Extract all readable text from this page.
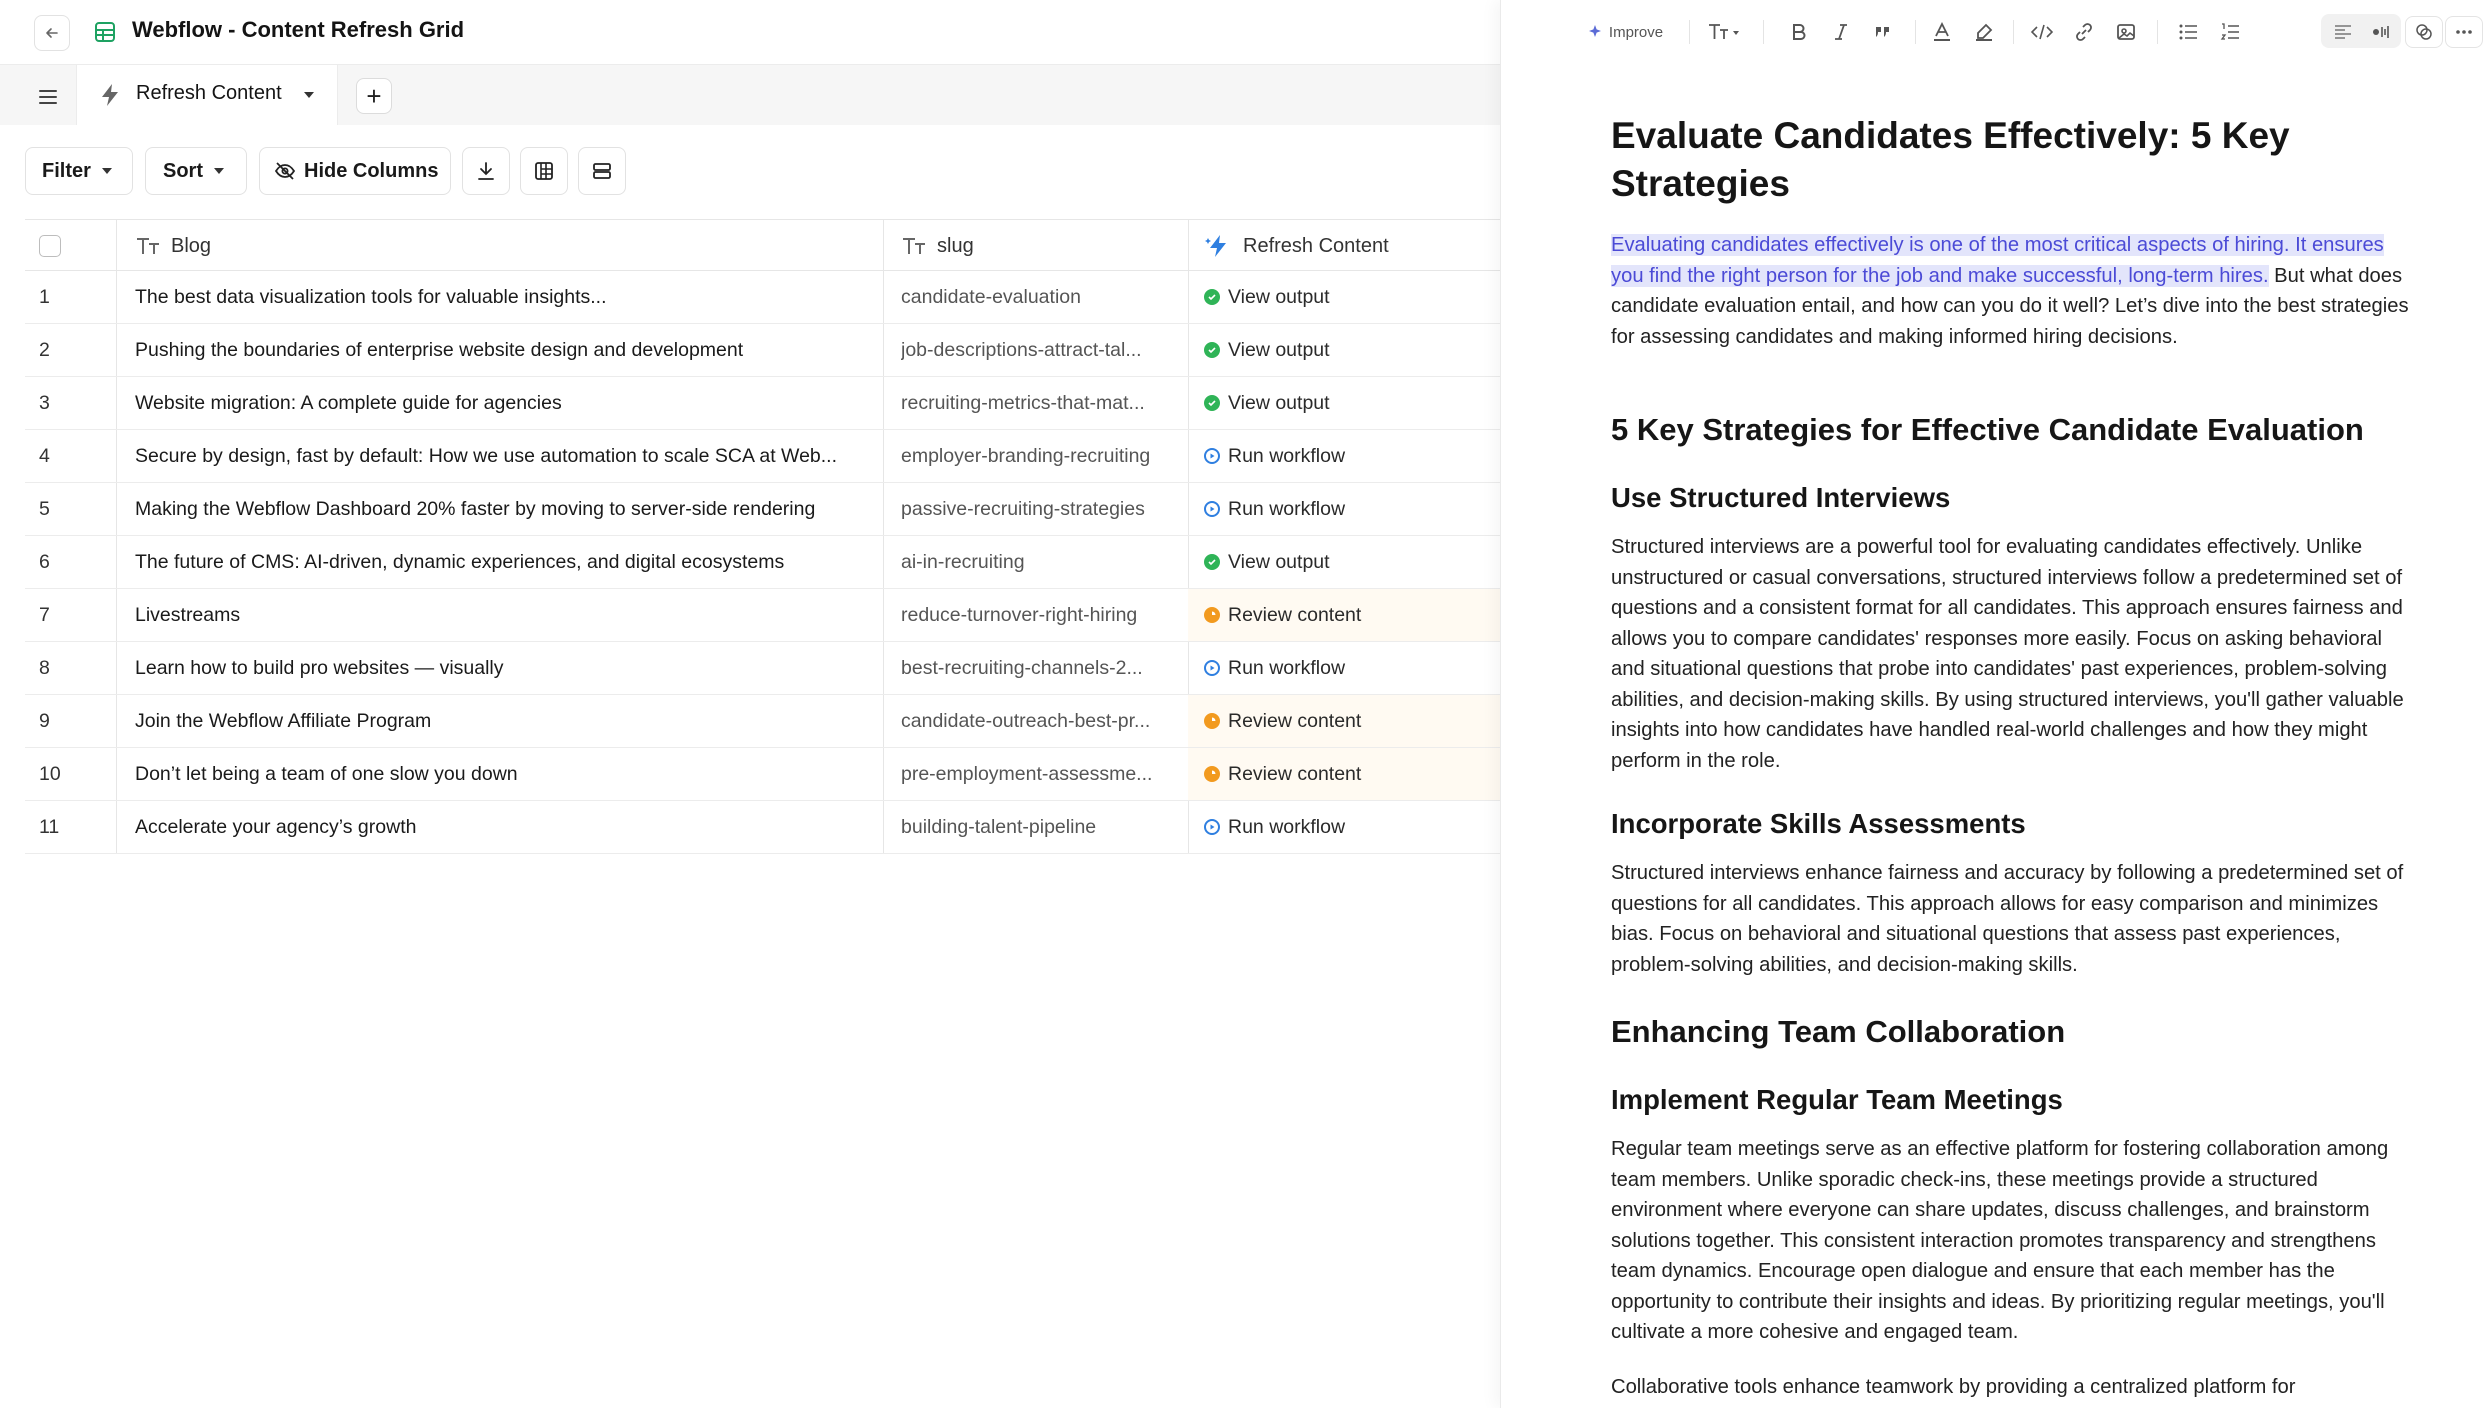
Webflow - Content Refresh Grid
Refresh Content	+
Filter	Sort	Hide Columns
Blog	slug	Refresh Content
1	The best data visualization tools for valuable insights...	candidate-evaluation	View output
2	Pushing the boundaries of enterprise website design and development	job-descriptions-attract-tal...	View output
3	Website migration: A complete guide for agencies	recruiting-metrics-that-mat...	View output
4	Secure by design, fast by default: How we use automation to scale SCA at Web...	employer-branding-recruiting	Run workflow
5	Making the Webflow Dashboard 20% faster by moving to server-side rendering	passive-recruiting-strategies	Run workflow
6	The future of CMS: AI-driven, dynamic experiences, and digital ecosystems	ai-in-recruiting	View output
7	Livestreams	reduce-turnover-right-hiring	Review content
8	Learn how to build pro websites — visually	best-recruiting-channels-2...	Run workflow
9	Join the Webflow Affiliate Program	candidate-outreach-best-pr...	Review content
10	Don’t let being a team of one slow you down	pre-employment-assessme...	Review content
11	Accelerate your agency’s growth	building-talent-pipeline	Run workflow
Improve
Evaluate Candidates Effectively: 5 Key Strategies

Evaluating candidates effectively is one of the most critical aspects of hiring. It ensures you find the right person for the job and make successful, long-term hires. But what does candidate evaluation entail, and how can you do it well? Let’s dive into the best strategies for assessing candidates and making informed hiring decisions.

5 Key Strategies for Effective Candidate Evaluation
Use Structured Interviews

Structured interviews are a powerful tool for evaluating candidates effectively. Unlike unstructured or casual conversations, structured interviews follow a predetermined set of questions and a consistent format for all candidates. This approach ensures fairness and allows you to compare candidates' responses more easily. Focus on asking behavioral and situational questions that probe into candidates' past experiences, problem-solving abilities, and decision-making skills. By using structured interviews, you'll gather valuable insights into how candidates have handled real-world challenges and how they might perform in the role.

Incorporate Skills Assessments

Structured interviews enhance fairness and accuracy by following a predetermined set of questions for all candidates. This approach allows for easy comparison and minimizes bias. Focus on behavioral and situational questions that assess past experiences, problem-solving abilities, and decision-making skills.

Enhancing Team Collaboration
Implement Regular Team Meetings

Regular team meetings serve as an effective platform for fostering collaboration among team members. Unlike sporadic check-ins, these meetings provide a structured environment where everyone can share updates, discuss challenges, and brainstorm solutions together. This consistent interaction promotes transparency and strengthens team dynamics. Encourage open dialogue and ensure that each member has the opportunity to contribute their insights and ideas. By prioritizing regular meetings, you'll cultivate a more cohesive and engaged team.

Collaborative tools enhance teamwork by providing a centralized platform for
